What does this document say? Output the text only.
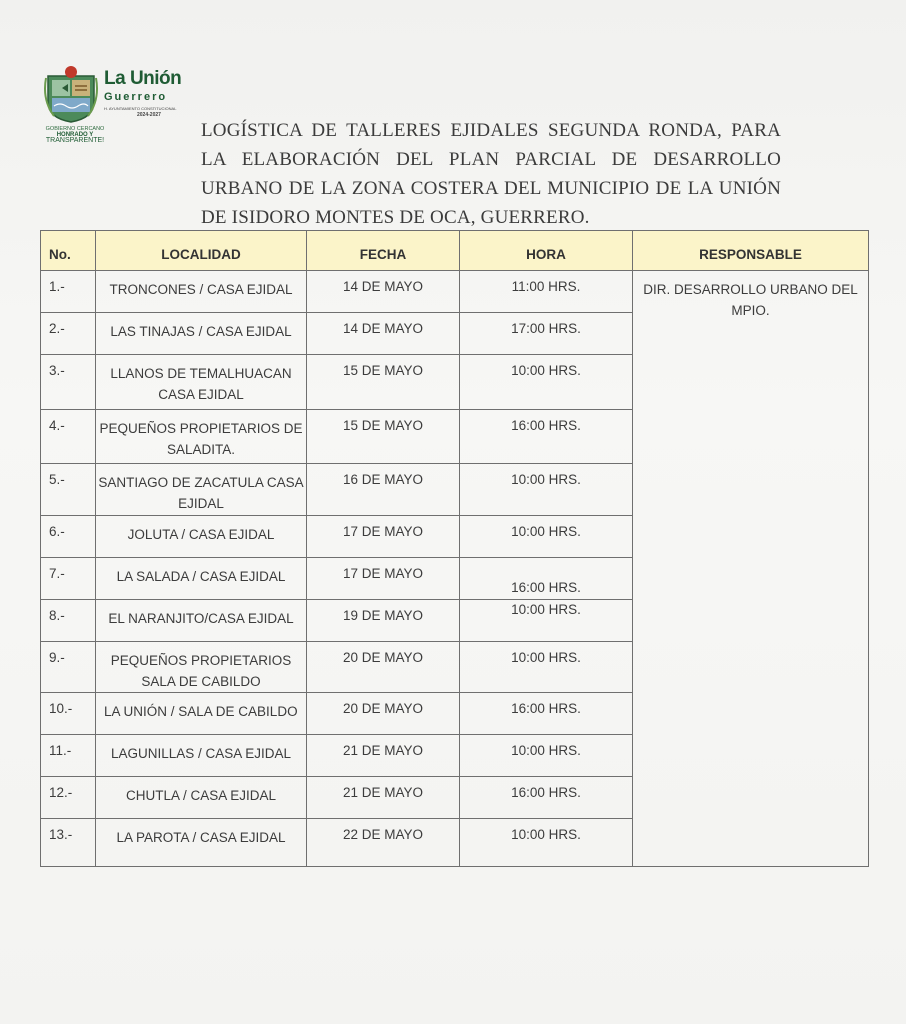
La Unión
Guerrero
H. AYUNTAMIENTO CONSTITUCIONAL
2024-2027
GOBIERNO CERCANO
HONRADO Y
TRANSPARENTE!	LOGÍSTICA DE TALLERES EJIDALES SEGUNDA RONDA, PARA LA ELABORACIÓN DEL PLAN PARCIAL DE DESARROLLO URBANO DE LA ZONA COSTERA DEL MUNICIPIO DE LA UNIÓN DE ISIDORO MONTES DE OCA, GUERRERO.
No.	LOCALIDAD	FECHA	HORA	RESPONSABLE
1.-	TRONCONES / CASA EJIDAL	14 DE MAYO	11:00 HRS.	DIR. DESARROLLO URBANO DEL MPIO.
2.-	LAS TINAJAS / CASA EJIDAL	14 DE MAYO	17:00 HRS.	
3.-	LLANOS DE TEMALHUACAN CASA EJIDAL	15 DE MAYO	10:00 HRS.	
4.-	PEQUEÑOS PROPIETARIOS DE SALADITA.	15 DE MAYO	16:00 HRS.	
5.-	SANTIAGO DE ZACATULA CASA EJIDAL	16 DE MAYO	10:00 HRS.	
6.-	JOLUTA / CASA EJIDAL	17 DE MAYO	10:00 HRS.	
7.-	LA SALADA / CASA EJIDAL	17 DE MAYO	16:00 HRS.	
8.-	EL NARANJITO/CASA EJIDAL	19 DE MAYO	10:00 HRS.	
9.-	PEQUEÑOS PROPIETARIOS SALA DE CABILDO	20 DE MAYO	10:00 HRS.	
10.-	LA UNIÓN / SALA DE CABILDO	20 DE MAYO	16:00 HRS.	
11.-	LAGUNILLAS / CASA EJIDAL	21 DE MAYO	10:00 HRS.	
12.-	CHUTLA / CASA EJIDAL	21 DE MAYO	16:00 HRS.	
13.-	LA PAROTA / CASA EJIDAL	22 DE MAYO	10:00 HRS.	
